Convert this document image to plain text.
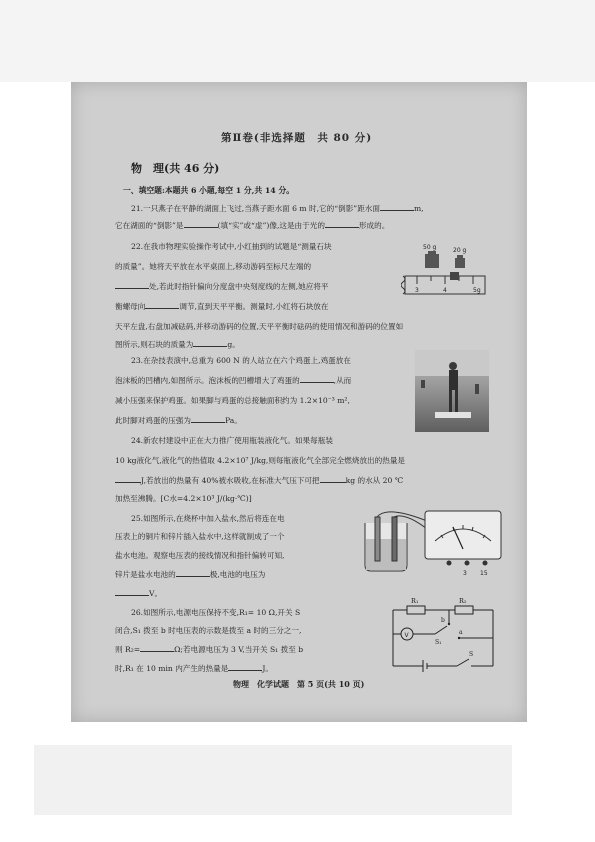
第Ⅱ卷(非选择题　共 80 分)
物　理(共 46 分)
一、填空题:本题共 6 小题,每空 1 分,共 14 分。
21.一只燕子在平静的湖面上飞过,当燕子距水面 6 m 时,它的“倒影”距水面	m,
它在湖面的“倒影”是	(填“实”或“虚”)像,这是由于光的	形成的。
22.在我市物理实验操作考试中,小红抽到的试题是“测量石块
的质量”。她将天平放在水平桌面上,移动游码至标尺左端的
处,若此时指针偏向分度盘中央刻度线的左侧,她应将平
衡螺母向	调节,直到天平平衡。测量时,小红将石块放在
天平左盘,右盘加减砝码,并移动游码的位置,天平平衡时砝码的使用情况和游码的位置如
图所示,则石块的质量为	g。
50 g	20 g
3	4	5g
23.在杂技表演中,总重为 600 N 的人站立在六个鸡蛋上,鸡蛋放在
泡沫板的凹槽内,如图所示。泡沫板的凹槽增大了鸡蛋的	,从而
减小压强来保护鸡蛋。如果脚与鸡蛋的总接触面积约为 1.2×10⁻³ m²,
此时脚对鸡蛋的压强为	Pa。
24.新农村建设中正在大力推广使用瓶装液化气。如果每瓶装
10 kg液化气,液化气的热值取 4.2×10⁷ J/kg,则每瓶液化气全部完全燃烧放出的热量是
J,若放出的热量有 40%被水吸收,在标准大气压下可把	kg 的水从 20 ℃
加热至沸腾。[C水=4.2×10³ J/(kg·℃)]
25.如图所示,在烧杯中加入盐水,然后将连在电
压表上的铜片和锌片插入盐水中,这样就制成了一个
盐水电池。观察电压表的接线情况和指针偏转可知,
锌片是盐水电池的	极,电池的电压为
V。
3 15
26.如图所示,电源电压保持不变,R₁= 10 Ω,开关 S
闭合,S₁ 拨至 b 时电压表的示数是拨至 a 时的三分之一,
则 R₂=	Ω;若电源电压为 3 V,当开关 S₁ 拨至 b
时,R₁ 在 10 min 内产生的热量是	J。
R₁	R₂
V
b
a
S₁
S
物理　化学试题　第 5 页(共 10 页)
